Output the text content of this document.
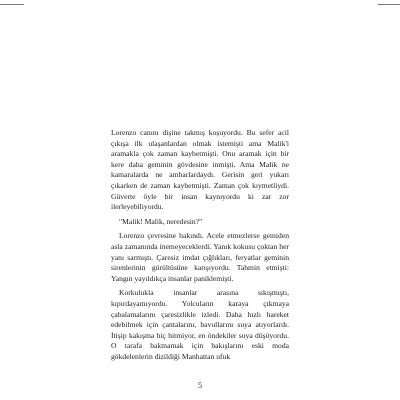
Lorenzo canını dişine takmış koşuyordu. Bu sefer acil çıkışa ilk ulaşanlardan olmak istemişti ama Malik'i aramakla çok zaman kaybetmişti. Onu aramak için bir kere daha geminin gövdesine inmişti. Ama Malik ne kamaralarda ne ambarlardaydı. Gerisin geri yukarı çıkarken de zaman kaybetmişti. Zaman çok kıymetliydi. Güverte öyle bir insan kaynıyordu ki zar zor ilerleyebiliyordu.

"Malik! Malik, neredesin?"

Lorenzo çevresine bakındı. Acele etmezlerse gemiden asla zamanında inemeyeceklerdi. Yanık kokusu çoktan her yanı sarmıştı. Çaresiz imdat çığlıkları, feryatlar geminin sirenlerinin gürültüsüne karışıyordu. Tahmin etmişti: Yangın yayıldıkça insanlar paniklemişti.

Korkulukla insanlar arasına sıkışmıştı, kıpırdayamıyordu. Yolcuların karaya çıkmaya çabalamalarını çaresizlikle izledi. Daha hızlı hareket edebilmek için çantalarını, bavullarını suya atıyorlardı. İtişip kakışma hiç bitmiyor, en öndekiler suya düşüyordu. O tarafa bakmamak için bakışlarını eski moda gökdelenlerin dizildiği Manhattan ufuk

5
